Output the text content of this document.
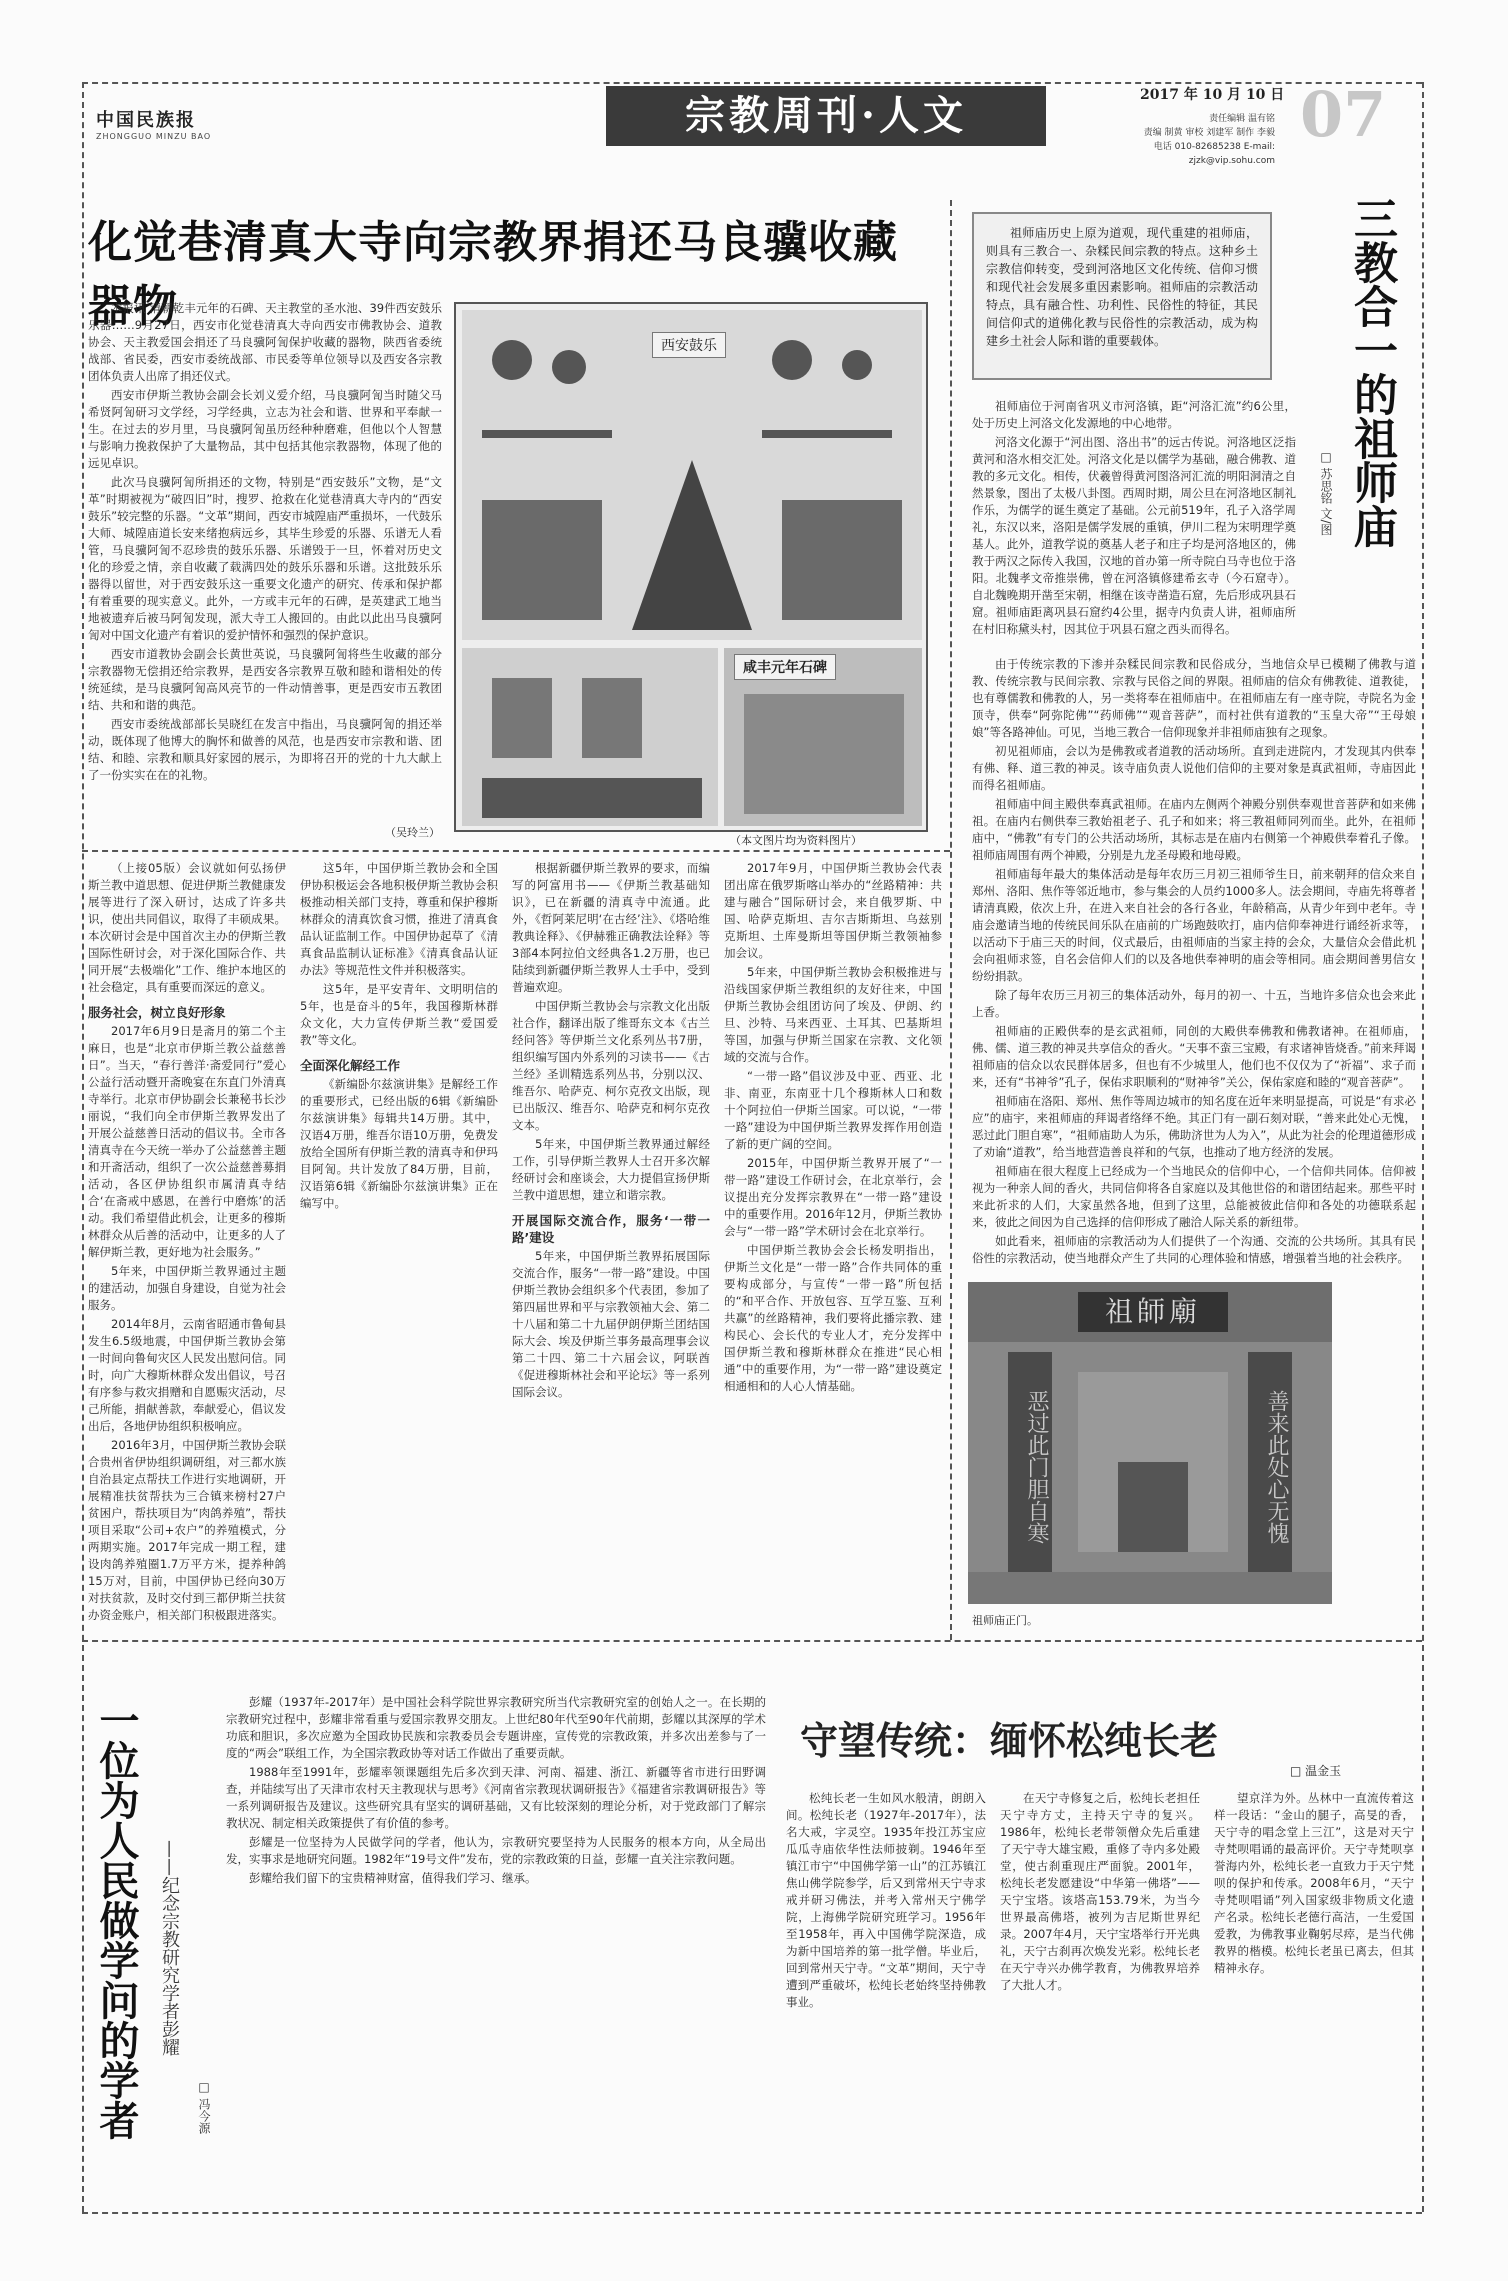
中国民族报
ZHONGGUO MINZU BAO	宗教周刊·人文	2017 年 10 月 10 日
责任编辑 温有铭
责编 制黄 审校 刘建军 制作 李毅
电话 010-82685238 E-mail: zjzk@vip.sohu.com
07
化觉巷清真大寺向宗教界捐还马良骥收藏器物

本报讯 清朝乾丰元年的石碑、天主教堂的圣水池、39件西安鼓乐乐器……9月27日，西安市化觉巷清真大寺向西安市佛教协会、道教协会、天主教爱国会捐还了马良骥阿訇保护收藏的器物，陕西省委统战部、省民委，西安市委统战部、市民委等单位领导以及西安各宗教团体负责人出席了捐还仪式。

西安市伊斯兰教协会副会长刘义爱介绍，马良骥阿訇当时随父马希贤阿訇研习文学经，习学经典，立志为社会和谐、世界和平奉献一生。在过去的岁月里，马良骥阿訇虽历经种种磨难，但他以个人智慧与影响力挽救保护了大量物品，其中包括其他宗教器物，体现了他的远见卓识。

此次马良骥阿訇所捐还的文物，特别是“西安鼓乐”文物，是“文革”时期被视为“破四旧”时，搜罗、抢救在化觉巷清真大寺内的“西安鼓乐”较完整的乐器。“文革”期间，西安市城隍庙严重损坏，一代鼓乐大师、城隍庙道长安来绪抱病远乡，其毕生珍爱的乐器、乐谱无人看管，马良骥阿訇不忍珍贵的鼓乐乐器、乐谱毁于一旦，怀着对历史文化的珍爱之情，亲自收藏了载满四处的鼓乐乐器和乐谱。这批鼓乐乐器得以留世，对于西安鼓乐这一重要文化遗产的研究、传承和保护都有着重要的现实意义。此外，一方或丰元年的石碑，是英建武工地当地被遗弃后被马阿訇发现，派大寺工人搬回的。由此以此出马良骥阿訇对中国文化遗产有着识的爱护情怀和强烈的保护意识。

西安市道教协会副会长黄世英说，马良骥阿訇将些生收藏的部分宗教器物无偿捐还给宗教界，是西安各宗教界互敬和睦和谐相处的传统延续，是马良骥阿訇高风亮节的一件动情善事，更是西安市五教团结、共和和谐的典范。

西安市委统战部部长吴晓红在发言中指出，马良骥阿訇的捐还举动，既体现了他博大的胸怀和做善的风范，也是西安市宗教和谐、团结、和睦、宗教和顺具好家园的展示，为即将召开的党的十九大献上了一份实实在在的礼物。

（吴玲兰）
西安鼓乐
咸丰元年石碑
（本文图片均为资料图片）
三教合一的祖师庙
□ 苏思铭 文/图
祖师庙历史上原为道观，现代重建的祖师庙，则具有三教合一、杂糅民间宗教的特点。这种乡土宗教信仰转变，受到河洛地区文化传统、信仰习惯和现代社会发展多重因素影响。祖师庙的宗教活动特点，具有融合性、功利性、民俗性的特征，其民间信仰式的道佛化教与民俗性的宗教活动，成为构建乡土社会人际和谐的重要载体。

祖师庙位于河南省巩义市河洛镇，距“河洛汇流”约6公里，处于历史上河洛文化发源地的中心地带。

河洛文化源于“河出图、洛出书”的远古传说。河洛地区泛指黄河和洛水相交汇处。河洛文化是以儒学为基础，融合佛教、道教的多元文化。相传，伏羲曾得黄河图洛河汇流的明阳洞清之自然景象，图出了太极八卦图。西周时期，周公旦在河洛地区制礼作乐，为儒学的诞生奠定了基础。公元前519年，孔子入洛学周礼，东汉以来，洛阳是儒学发展的重镇，伊川二程为宋明理学奠基人。此外，道教学说的奠基人老子和庄子均是河洛地区的，佛教于两汉之际传入我国，汉地的首办第一所寺院白马寺也位于洛阳。北魏孝文帝推崇佛，曾在河洛镇修建希玄寺（今石窟寺）。自北魏晚期开凿至宋朝，相继在该寺凿造石窟，先后形成巩县石窟。祖师庙距离巩县石窟约4公里，据寺内负责人讲，祖师庙所在村旧称黛头村，因其位于巩县石窟之西头而得名。

由于传统宗教的下渗并杂糅民间宗教和民俗成分，当地信众早已模糊了佛教与道教、传统宗教与民间宗教、宗教与民俗之间的界限。祖师庙的信众有佛教徒、道教徒，也有尊儒教和佛教的人，另一类将奉在祖师庙中。在祖师庙左有一座寺院，寺院名为金顶寺，供奉“阿弥陀佛”“药师佛”“观音菩萨”，而村社供有道教的“玉皇大帝”“王母娘娘”等各路神仙。可见，当地三教合一信仰现象并非祖师庙独有之现象。

初见祖师庙，会以为是佛教或者道教的活动场所。直到走进院内，才发现其内供奉有佛、释、道三教的神灵。该寺庙负责人说他们信仰的主要对象是真武祖师，寺庙因此而得名祖师庙。

祖师庙中间主殿供奉真武祖师。在庙内左侧两个神殿分别供奉观世音菩萨和如来佛祖。在庙内右侧供奉三教始祖老子、孔子和如来；将三教祖师同列而坐。此外，在祖师庙中，“佛教”有专门的公共活动场所，其标志是在庙内右侧第一个神殿供奉着孔子像。祖师庙周围有两个神殿，分别是九龙圣母殿和地母殿。

祖师庙每年最大的集体活动是每年农历三月初三祖师爷生日，前来朝拜的信众来自郑州、洛阳、焦作等邻近地市，参与集会的人员约1000多人。法会期间，寺庙先将尊者请清真殿，依次上升，在进入来自社会的各行各业，年龄稍高，从青少年到中老年。寺庙会邀请当地的传统民间乐队在庙前的广场跑鼓吹打，庙内信仰奉神进行诵经祈求等，以活动下于庙三天的时间，仪式最后，由祖师庙的当家主持的会众，大量信众会借此机会向祖师求签，自名会信仰人们的以及各地供奉神明的庙会等相同。庙会期间善男信女纷纷捐款。

除了每年农历三月初三的集体活动外，每月的初一、十五，当地许多信众也会来此上香。

祖师庙的正殿供奉的是玄武祖师，同创的大殿供奉佛教和佛教诸神。在祖师庙，佛、儒、道三教的神灵共享信众的香火。“天事不蛮三宝殿，有求诸神皆烧香。”前来拜谒祖师庙的信众以农民群体居多，但也有不少城里人，他们也不仅仅为了“祈福”、求子而来，还有“书神爷”孔子，保佑求职顺利的“财神爷”关公，保佑家庭和睦的“观音菩萨”。

祖师庙在洛阳、郑州、焦作等周边城市的知名度在近年来明显提高，可说是“有求必应”的庙宇，来祖师庙的拜谒者络绎不绝。其正门有一副石刻对联，“善来此处心无愧，恶过此门胆自寒”，“祖师庙助人为乐，佛助济世为人为入”，从此为社会的伦理道德形成了劝谕“道教”，给当地营造善良祥和的气氛，也推动了地方经济的发展。

祖师庙在很大程度上已经成为一个当地民众的信仰中心，一个信仰共同体。信仰被视为一种亲人间的香火，共同信仰将各自家庭以及其他世俗的和谐团结起来。那些平时来此祈求的人们，大家虽然各地，但到了这里，总能被彼此信仰和各处的功德联系起来，彼此之间因为自己选择的信仰形成了融洽人际关系的新纽带。

如此看来，祖师庙的宗教活动为人们提供了一个沟通、交流的公共场所。其具有民俗性的宗教活动，使当地群众产生了共同的心理体验和情感，增强着当地的社会秩序。

祖師廟
恶过此门胆自寒	善来此处心无愧
祖师庙正门。

（上接05版）会议就如何弘扬伊斯兰教中道思想、促进伊斯兰教健康发展等进行了深入研讨，达成了许多共识，使出共同倡议，取得了丰硕成果。本次研讨会是中国首次主办的伊斯兰教国际性研讨会，对于深化国际合作、共同开展“去极端化”工作、维护本地区的社会稳定，具有重要而深远的意义。

服务社会，树立良好形象

2017年6月9日是斋月的第二个主麻日，也是“北京市伊斯兰教公益慈善日”。当天，“春行善洋·斋爱同行”爱心公益行活动暨开斋晚宴在东直门外清真寺举行。北京市伊协副会长兼秘书长沙丽说，“我们向全市伊斯兰教界发出了开展公益慈善日活动的倡议书。全市各清真寺在今天统一举办了公益慈善主题和开斋活动，组织了一次公益慈善募捐活动，各区伊协组织市属清真寺结合‘在斋戒中感恩，在善行中磨炼’的活动。我们希望借此机会，让更多的穆斯林群众从后善的活动中，让更多的人了解伊斯兰教，更好地为社会服务。”

5年来，中国伊斯兰教界通过主题的建活动，加强自身建设，自觉为社会服务。

2014年8月，云南省昭通市鲁甸县发生6.5级地震，中国伊斯兰教协会第一时间向鲁甸灾区人民发出慰问信。同时，向广大穆斯林群众发出倡议，号召有序参与救灾捐赠和自愿赈灾活动，尽己所能，捐献善款，奉献爱心，倡议发出后，各地伊协组织积极响应。

2016年3月，中国伊斯兰教协会联合贵州省伊协组织调研组，对三都水族自治县定点帮扶工作进行实地调研，开展精准扶贫帮扶为三合镇来榜村27户贫困户，帮扶项目为“肉鸽养殖”，帮扶项目采取“公司+农户”的养殖模式，分两期实施。2017年完成一期工程，建设肉鸽养殖圈1.7万平方米，提养种鸽15万对，目前，中国伊协已经向30万对扶贫款，及时交付到三都伊斯兰扶贫办资金账户，相关部门积极跟进落实。

这5年，中国伊斯兰教协会和全国伊协积极运会各地积极伊斯兰教协会积极推动相关部门支持，尊重和保护穆斯林群众的清真饮食习惯，推进了清真食品认证监制工作。中国伊协起草了《清真食品监制认证标准》《清真食品认证办法》等规范性文件并积极落实。

这5年，是平安青年、文明明信的5年，也是奋斗的5年，我国穆斯林群众文化，大力宣传伊斯兰教“爱国爱教”等文化。

全面深化解经工作

《新编卧尔兹演讲集》是解经工作的重要形式，已经出版的6辑《新编卧尔兹演讲集》每辑共14万册。其中，汉语4万册，维吾尔语10万册，免费发放给全国所有伊斯兰教的清真寺和伊玛目阿訇。共计发放了84万册，目前，汉语第6辑《新编卧尔兹演讲集》正在编写中。

根据新疆伊斯兰教界的要求，而编写的阿富用书——《伊斯兰教基础知识》，已在新疆的清真寺中流通。此外，《哲阿莱尼明‘在古经’注》、《塔哈维教典诠释》、《伊赫雅正确教法诠释》等3部4本阿拉伯文经典各1.2万册，也已陆续到新疆伊斯兰教界人士手中，受到普遍欢迎。

中国伊斯兰教协会与宗教文化出版社合作，翻译出版了维哥东文本《古兰经问答》等伊斯兰文化系列丛书7册，组织编写国内外系列的习读书——《古兰经》圣训精选系列丛书，分别以汉、维吾尔、哈萨克、柯尔克孜文出版，现已出版汉、维吾尔、哈萨克和柯尔克孜文本。

5年来，中国伊斯兰教界通过解经工作，引导伊斯兰教界人士召开多次解经研讨会和座谈会，大力提倡宣扬伊斯兰教中道思想，建立和谐宗教。

开展国际交流合作，服务‘一带一路’建设

5年来，中国伊斯兰教界拓展国际交流合作，服务“一带一路”建设。中国伊斯兰教协会组织多个代表团，参加了第四届世界和平与宗教领袖大会、第二十八届和第二十九届伊朗伊斯兰团结国际大会、埃及伊斯兰事务最高理事会议第二十四、第二十六届会议，阿联酋《促进穆斯林社会和平论坛》等一系列国际会议。

2017年9月，中国伊斯兰教协会代表团出席在俄罗斯喀山举办的“丝路精神：共建与融合”国际研讨会，来自俄罗斯、中国、哈萨克斯坦、吉尔吉斯斯坦、乌兹别克斯坦、土库曼斯坦等国伊斯兰教领袖参加会议。

5年来，中国伊斯兰教协会积极推进与沿线国家伊斯兰教组织的友好往来，中国伊斯兰教协会组团访问了埃及、伊朗、约旦、沙特、马来西亚、土耳其、巴基斯坦等国，加强与伊斯兰国家在宗教、文化领域的交流与合作。

“一带一路”倡议涉及中亚、西亚、北非、南亚，东南亚十几个穆斯林人口和数十个阿拉伯一伊斯兰国家。可以说，“一带一路”建设为中国伊斯兰教界发挥作用创造了新的更广阔的空间。

2015年，中国伊斯兰教界开展了“一带一路”建设工作研讨会，在北京举行，会议提出充分发挥宗教界在“一带一路”建设中的重要作用。2016年12月，伊斯兰教协会与“一带一路”学术研讨会在北京举行。

中国伊斯兰教协会会长杨发明指出，伊斯兰文化是“一带一路”合作共同体的重要构成部分，与宣传“一带一路”所包括的“和平合作、开放包容、互学互鉴、互利共赢”的丝路精神，我们要将此播宗教、建构民心、会长代的专业人才，充分发挥中国伊斯兰教和穆斯林群众在推进“民心相通”中的重要作用，为“一带一路”建设奠定相通相和的人心人情基础。

一位为人民做学问的学者 ——纪念宗教研究学者彭耀
□ 冯今源

彭耀（1937年-2017年）是中国社会科学院世界宗教研究所当代宗教研究室的创始人之一。在长期的宗教研究过程中，彭耀非常看重与爱国宗教界交朋友。上世纪80年代至90年代前期，彭耀以其深厚的学术功底和胆识，多次应邀为全国政协民族和宗教委员会专题讲座，宣传党的宗教政策，并多次出差参与了一度的“两会”联组工作，为全国宗教政协等对话工作做出了重要贡献。

1988年至1991年，彭耀率领课题组先后多次到天津、河南、福建、浙江、新疆等省市进行田野调查，并陆续写出了天津市农村天主教现状与思考》《河南省宗教现状调研报告》《福建省宗教调研报告》等一系列调研报告及建议。这些研究具有坚实的调研基础，又有比较深刻的理论分析，对于党政部门了解宗教状况、制定相关政策提供了有价值的参考。

彭耀是一位坚持为人民做学问的学者，他认为，宗教研究要坚持为人民服务的根本方向，从全局出发，实事求是地研究问题。1982年“19号文件”发布，党的宗教政策的日益，彭耀一直关注宗教问题。

彭耀给我们留下的宝贵精神财富，值得我们学习、继承。

守望传统：缅怀松纯长老
□ 温金玉

松纯长老一生如风水般清，朗朗入间。松纯长老（1927年-2017年），法名大戒，字灵空。1935年投江苏宝应瓜瓜寺庙依华性法师披剃。1946年至镇江市宁“中国佛学第一山”的江苏镇江焦山佛学院参学，后又到常州天宁寺求戒并研习佛法，并考入常州天宁佛学院，上海佛学院研究班学习。1956年至1958年，再入中国佛学院深造，成为新中国培养的第一批学僧。毕业后，回到常州天宁寺。“文革”期间，天宁寺遭到严重破坏，松纯长老始终坚持佛教事业。

在天宁寺修复之后，松纯长老担任天宁寺方丈，主持天宁寺的复兴。1986年，松纯长老带领僧众先后重建了天宁寺大雄宝殿，重修了寺内多处殿堂，使古刹重现庄严面貌。2001年，松纯长老发愿建设“中华第一佛塔”——天宁宝塔。该塔高153.79米，为当今世界最高佛塔，被列为吉尼斯世界纪录。2007年4月，天宁宝塔举行开光典礼，天宁古刹再次焕发光彩。松纯长老在天宁寺兴办佛学教育，为佛教界培养了大批人才。

望京洋为外。丛林中一直流传着这样一段话：“金山的腿子，高旻的香，天宁寺的唱念堂上三江”，这是对天宁寺梵呗唱诵的最高评价。天宁寺梵呗享誉海内外，松纯长老一直致力于天宁梵呗的保护和传承。2008年6月，“天宁寺梵呗唱诵”列入国家级非物质文化遗产名录。松纯长老德行高洁，一生爱国爱教，为佛教事业鞠躬尽瘁，是当代佛教界的楷模。松纯长老虽已离去，但其精神永存。
